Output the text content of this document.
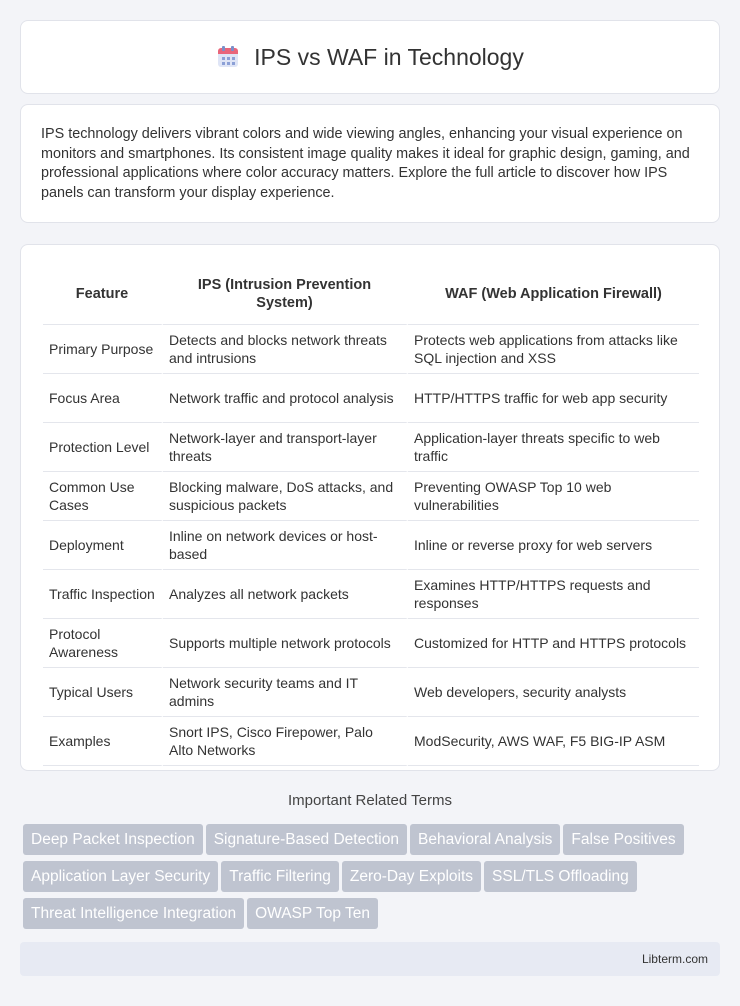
IPS vs WAF in Technology

IPS technology delivers vibrant colors and wide viewing angles, enhancing your visual experience on monitors and smartphones. Its consistent image quality makes it ideal for graphic design, gaming, and professional applications where color accuracy matters. Explore the full article to discover how IPS panels can transform your display experience.

Feature	IPS (Intrusion Prevention System)	WAF (Web Application Firewall)
Primary Purpose	Detects and blocks network threats and intrusions	Protects web applications from attacks like SQL injection and XSS
Focus Area	Network traffic and protocol analysis	HTTP/HTTPS traffic for web app security
Protection Level	Network-layer and transport-layer threats	Application-layer threats specific to web traffic
Common Use Cases	Blocking malware, DoS attacks, and suspicious packets	Preventing OWASP Top 10 web vulnerabilities
Deployment	Inline on network devices or host-based	Inline or reverse proxy for web servers
Traffic Inspection	Analyzes all network packets	Examines HTTP/HTTPS requests and responses
Protocol Awareness	Supports multiple network protocols	Customized for HTTP and HTTPS protocols
Typical Users	Network security teams and IT admins	Web developers, security analysts
Examples	Snort IPS, Cisco Firepower, Palo Alto Networks	ModSecurity, AWS WAF, F5 BIG-IP ASM
Important Related Terms
Deep Packet Inspection Signature-Based Detection Behavioral Analysis False PositivesApplication Layer Security Traffic Filtering Zero-Day Exploits SSL/TLS OffloadingThreat Intelligence Integration OWASP Top Ten
Libterm.com
